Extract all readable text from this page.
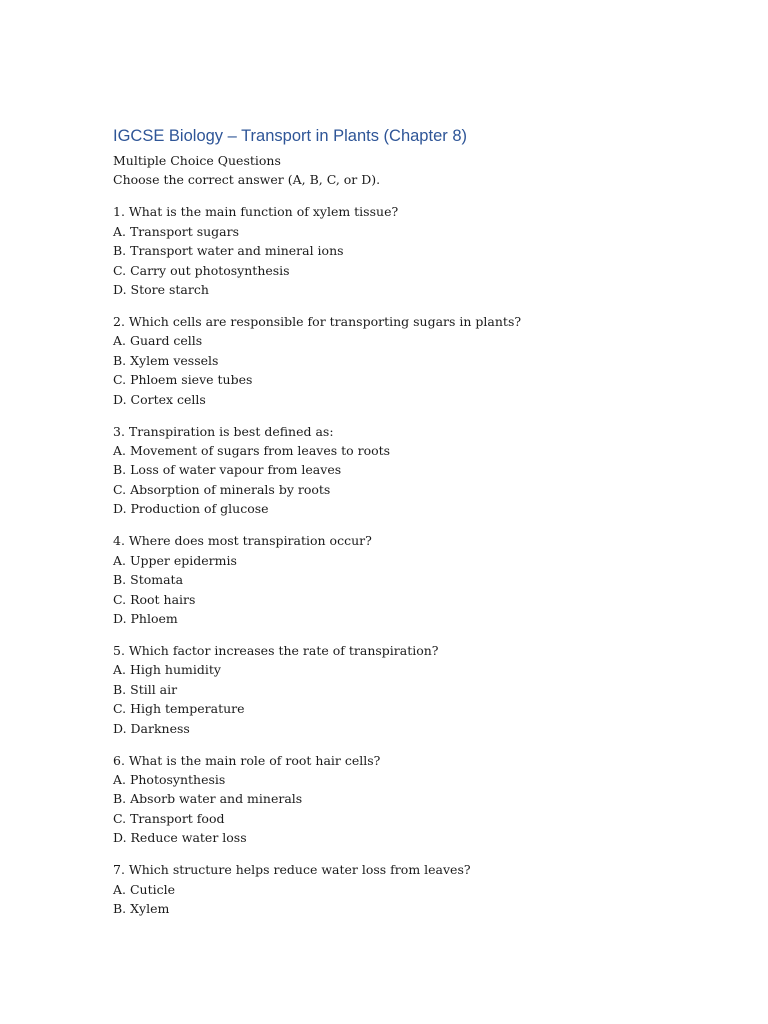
IGCSE Biology – Transport in Plants (Chapter 8)
Multiple Choice Questions
Choose the correct answer (A, B, C, or D).
1. What is the main function of xylem tissue?
A. Transport sugars
B. Transport water and mineral ions
C. Carry out photosynthesis
D. Store starch
2. Which cells are responsible for transporting sugars in plants?
A. Guard cells
B. Xylem vessels
C. Phloem sieve tubes
D. Cortex cells
3. Transpiration is best defined as:
A. Movement of sugars from leaves to roots
B. Loss of water vapour from leaves
C. Absorption of minerals by roots
D. Production of glucose
4. Where does most transpiration occur?
A. Upper epidermis
B. Stomata
C. Root hairs
D. Phloem
5. Which factor increases the rate of transpiration?
A. High humidity
B. Still air
C. High temperature
D. Darkness
6. What is the main role of root hair cells?
A. Photosynthesis
B. Absorb water and minerals
C. Transport food
D. Reduce water loss
7. Which structure helps reduce water loss from leaves?
A. Cuticle
B. Xylem
